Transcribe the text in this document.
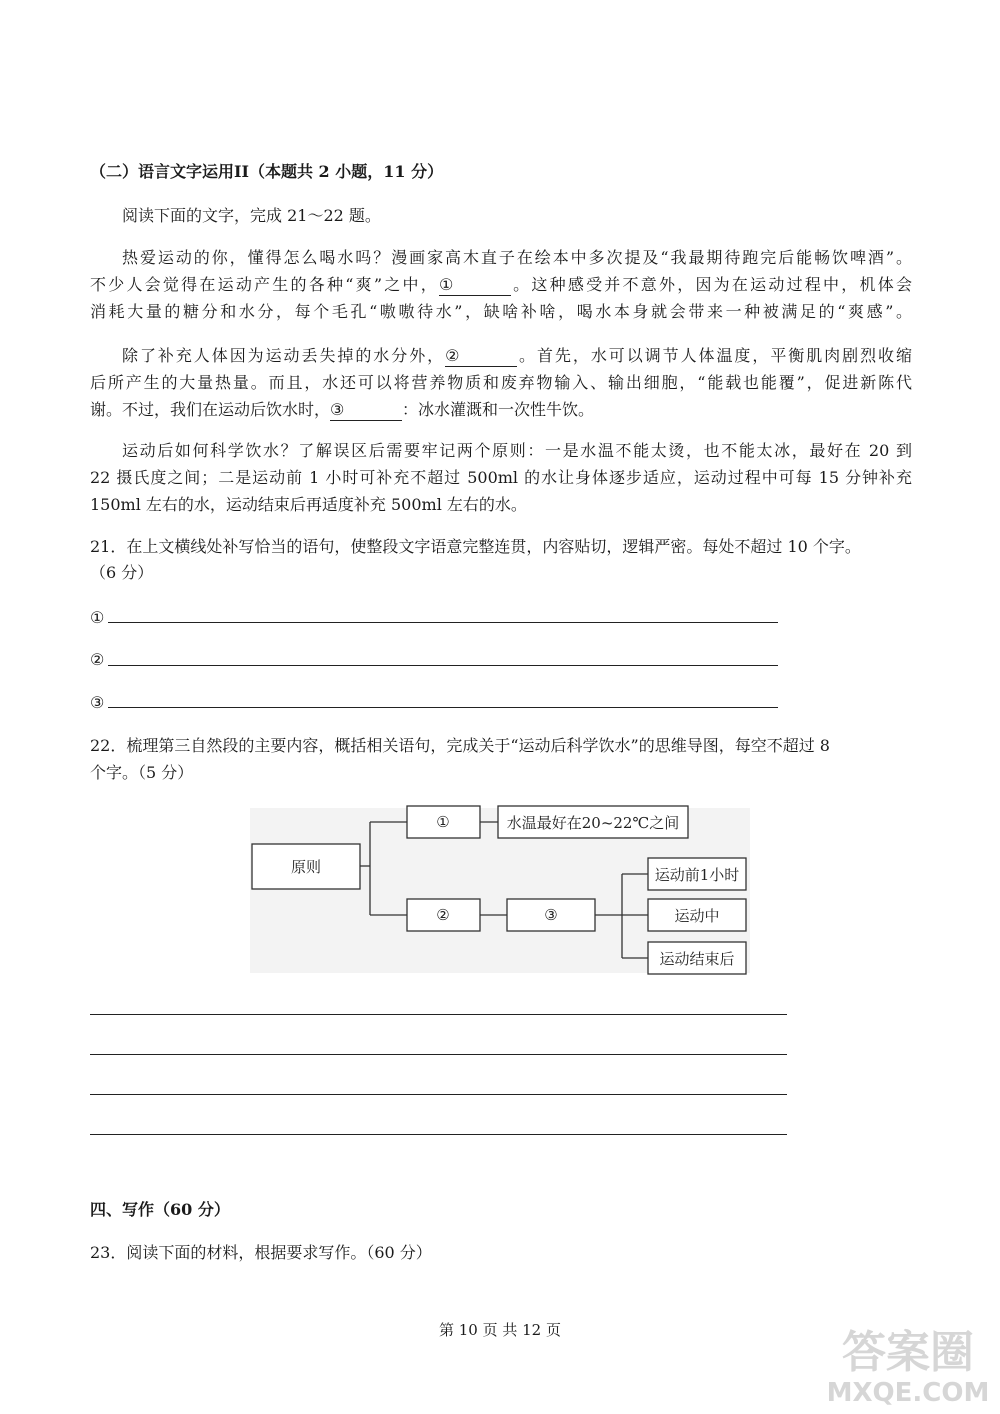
（二）语言文字运用II（本题共 2 小题，11 分）
阅读下面的文字，完成 21～22 题。
热爱运动的你，懂得怎么喝水吗？漫画家高木直子在绘本中多次提及“我最期待跑完后能畅饮啤酒”。
不少人会觉得在运动产生的各种“爽”之中，①	。这种感受并不意外，因为在运动过程中，机体会
消耗大量的糖分和水分，每个毛孔“嗷嗷待水”，缺啥补啥，喝水本身就会带来一种被满足的“爽感”。
除了补充人体因为运动丢失掉的水分外，②	。首先，水可以调节人体温度，平衡肌肉剧烈收缩
后所产生的大量热量。而且，水还可以将营养物质和废弃物输入、输出细胞，“能载也能覆”，促进新陈代
谢。不过，我们在运动后饮水时，③	：冰水灌溉和一次性牛饮。
运动后如何科学饮水？了解误区后需要牢记两个原则：一是水温不能太烫，也不能太冰，最好在 20 到
22 摄氏度之间；二是运动前 1 小时可补充不超过 500ml 的水让身体逐步适应，运动过程中可每 15 分钟补充
150ml 左右的水，运动结束后再适度补充 500ml 左右的水。
21．在上文横线处补写恰当的语句，使整段文字语意完整连贯，内容贴切，逻辑严密。每处不超过 10 个字。
（6 分）
①
②
③
22．梳理第三自然段的主要内容，概括相关语句，完成关于“运动后科学饮水”的思维导图，每空不超过 8
个字。（5 分）
原则
①	水温最好在20~22℃之间
②	③
运动前1小时
运动中
运动结束后
四、写作（60 分）
23．阅读下面的材料，根据要求写作。（60 分）
第 10 页 共 12 页	答案圈
MXQE.COM
